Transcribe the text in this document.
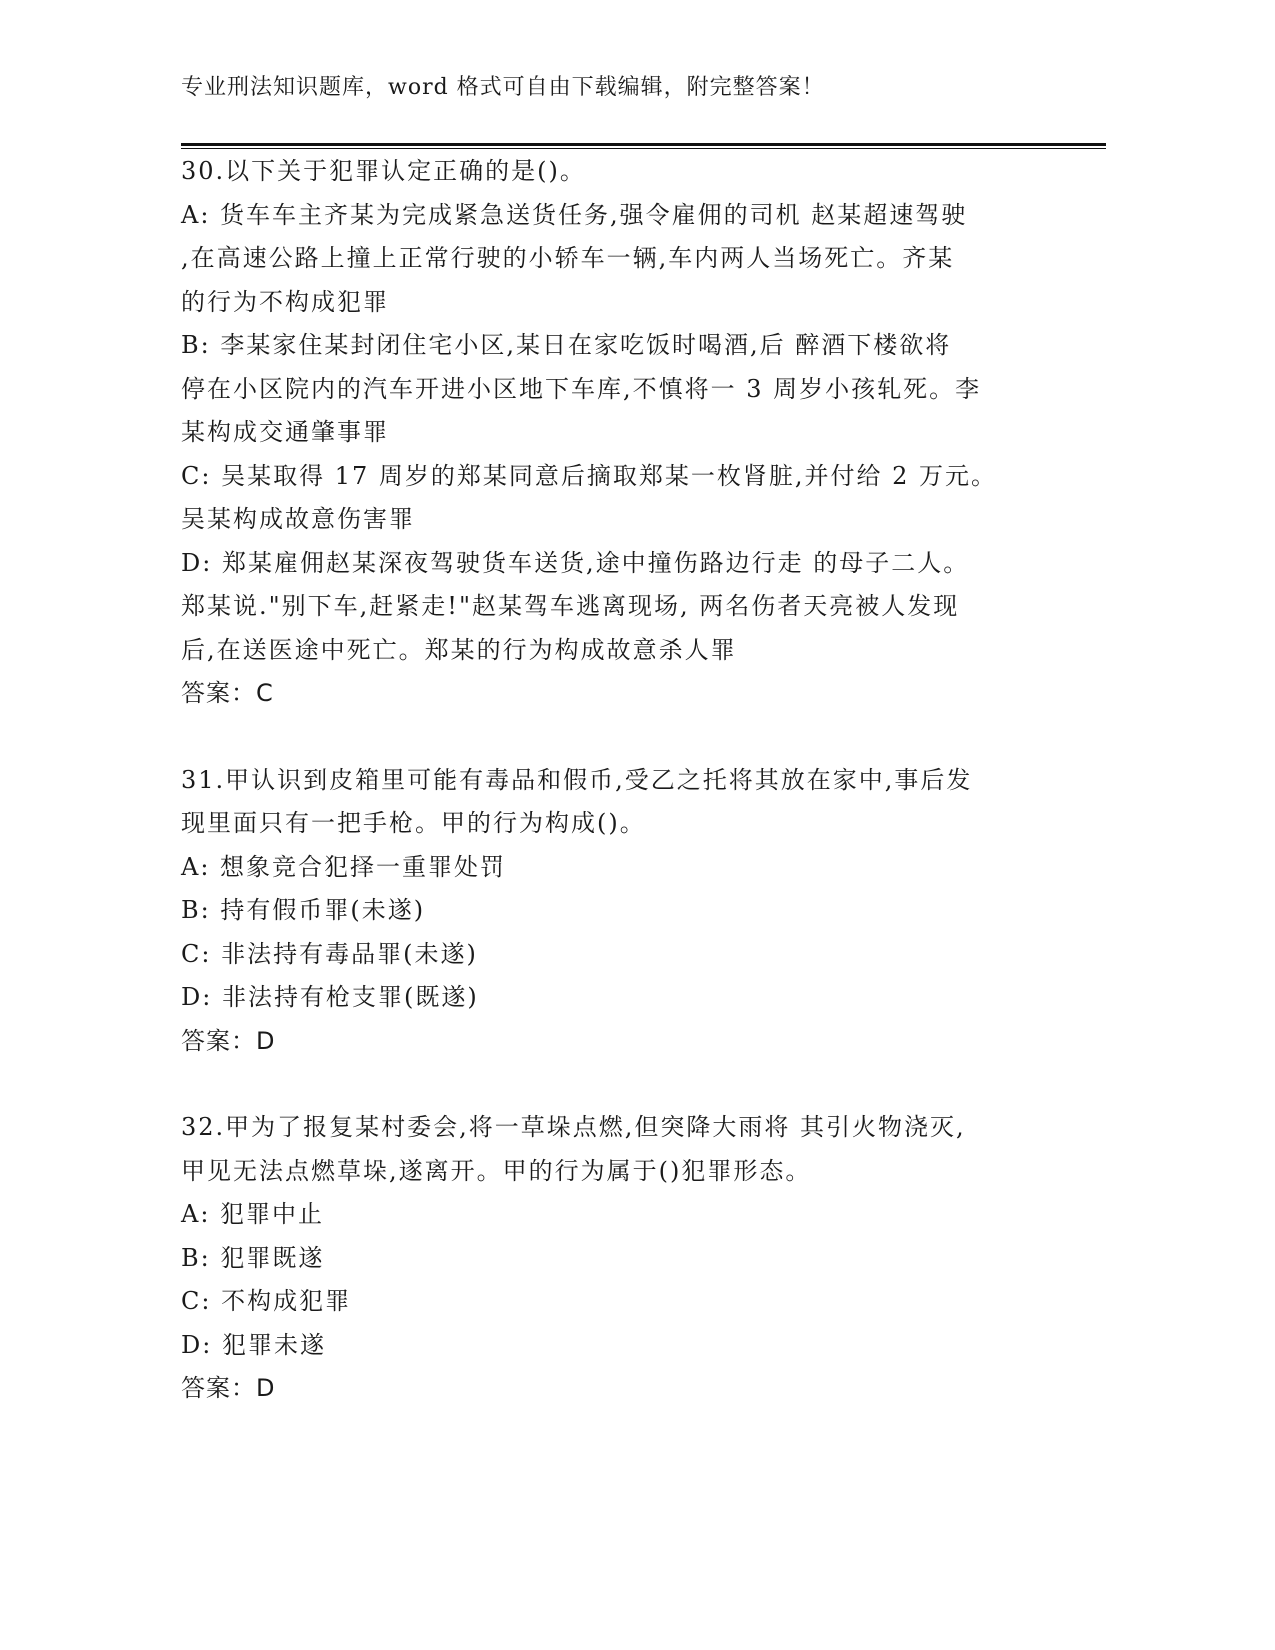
专业刑法知识题库，word 格式可自由下载编辑，附完整答案！
30.以下关于犯罪认定正确的是()。
A: 货车车主齐某为完成紧急送货任务,强令雇佣的司机 赵某超速驾驶
,在高速公路上撞上正常行驶的小轿车一辆,车内两人当场死亡。齐某
的行为不构成犯罪
B: 李某家住某封闭住宅小区,某日在家吃饭时喝酒,后 醉酒下楼欲将
停在小区院内的汽车开进小区地下车库,不慎将一 3 周岁小孩轧死。李
某构成交通肇事罪
C: 吴某取得 17 周岁的郑某同意后摘取郑某一枚肾脏,并付给 2 万元。
吴某构成故意伤害罪
D: 郑某雇佣赵某深夜驾驶货车送货,途中撞伤路边行走 的母子二人。
郑某说."别下车,赶紧走!"赵某驾车逃离现场, 两名伤者天亮被人发现
后,在送医途中死亡。郑某的行为构成故意杀人罪
答案：C
31.甲认识到皮箱里可能有毒品和假币,受乙之托将其放在家中,事后发
现里面只有一把手枪。甲的行为构成()。
A: 想象竞合犯择一重罪处罚
B: 持有假币罪(未遂)
C: 非法持有毒品罪(未遂)
D: 非法持有枪支罪(既遂)
答案：D
32.甲为了报复某村委会,将一草垛点燃,但突降大雨将 其引火物浇灭,
甲见无法点燃草垛,遂离开。甲的行为属于()犯罪形态。
A: 犯罪中止
B: 犯罪既遂
C: 不构成犯罪
D: 犯罪未遂
答案：D
